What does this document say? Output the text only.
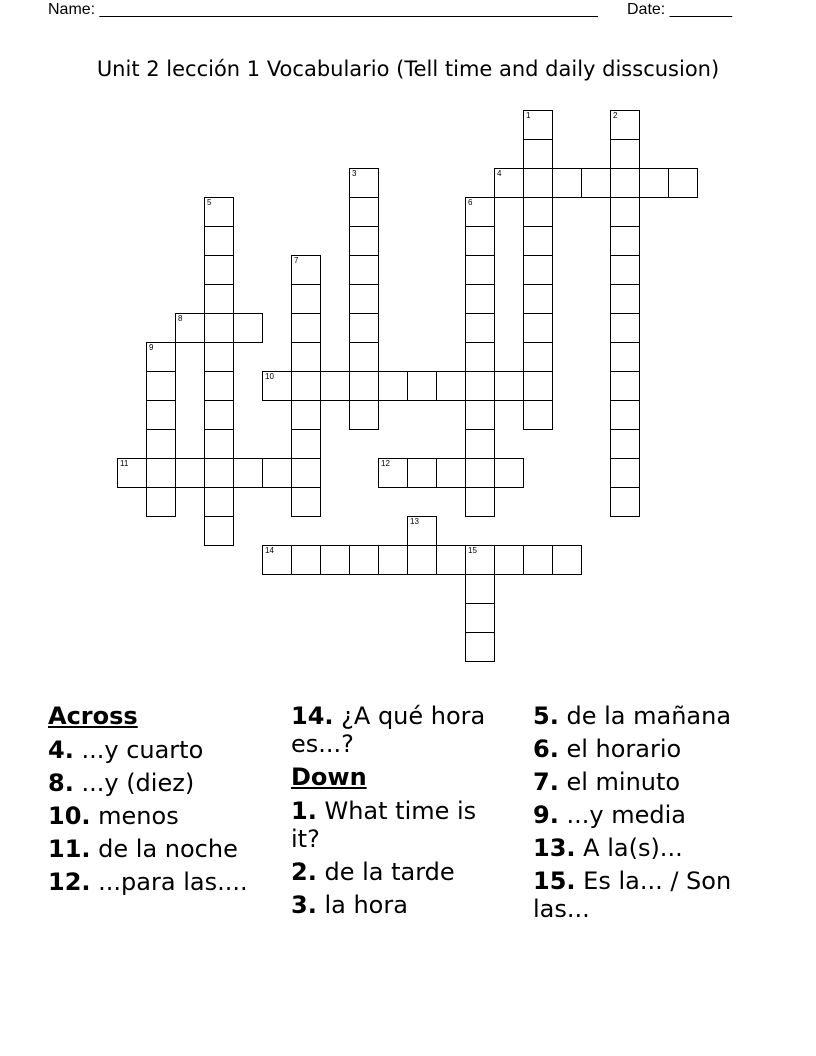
Name: ________________________________________________________ Date: _______
Unit 2 lección 1 Vocabulario (Tell time and daily disscusion)
1	2
3	4
5	6
7
8
9
10
11	12
13
14	15
Across
4. ...y cuarto
8. ...y (diez)
10. menos
11. de la noche
12. ...para las....
14. ¿A qué hora es...?
Down
1. What time is it?
2. de la tarde
3. la hora
5. de la mañana
6. el horario
7. el minuto
9. ...y media
13. A la(s)...
15. Es la... / Son las...
